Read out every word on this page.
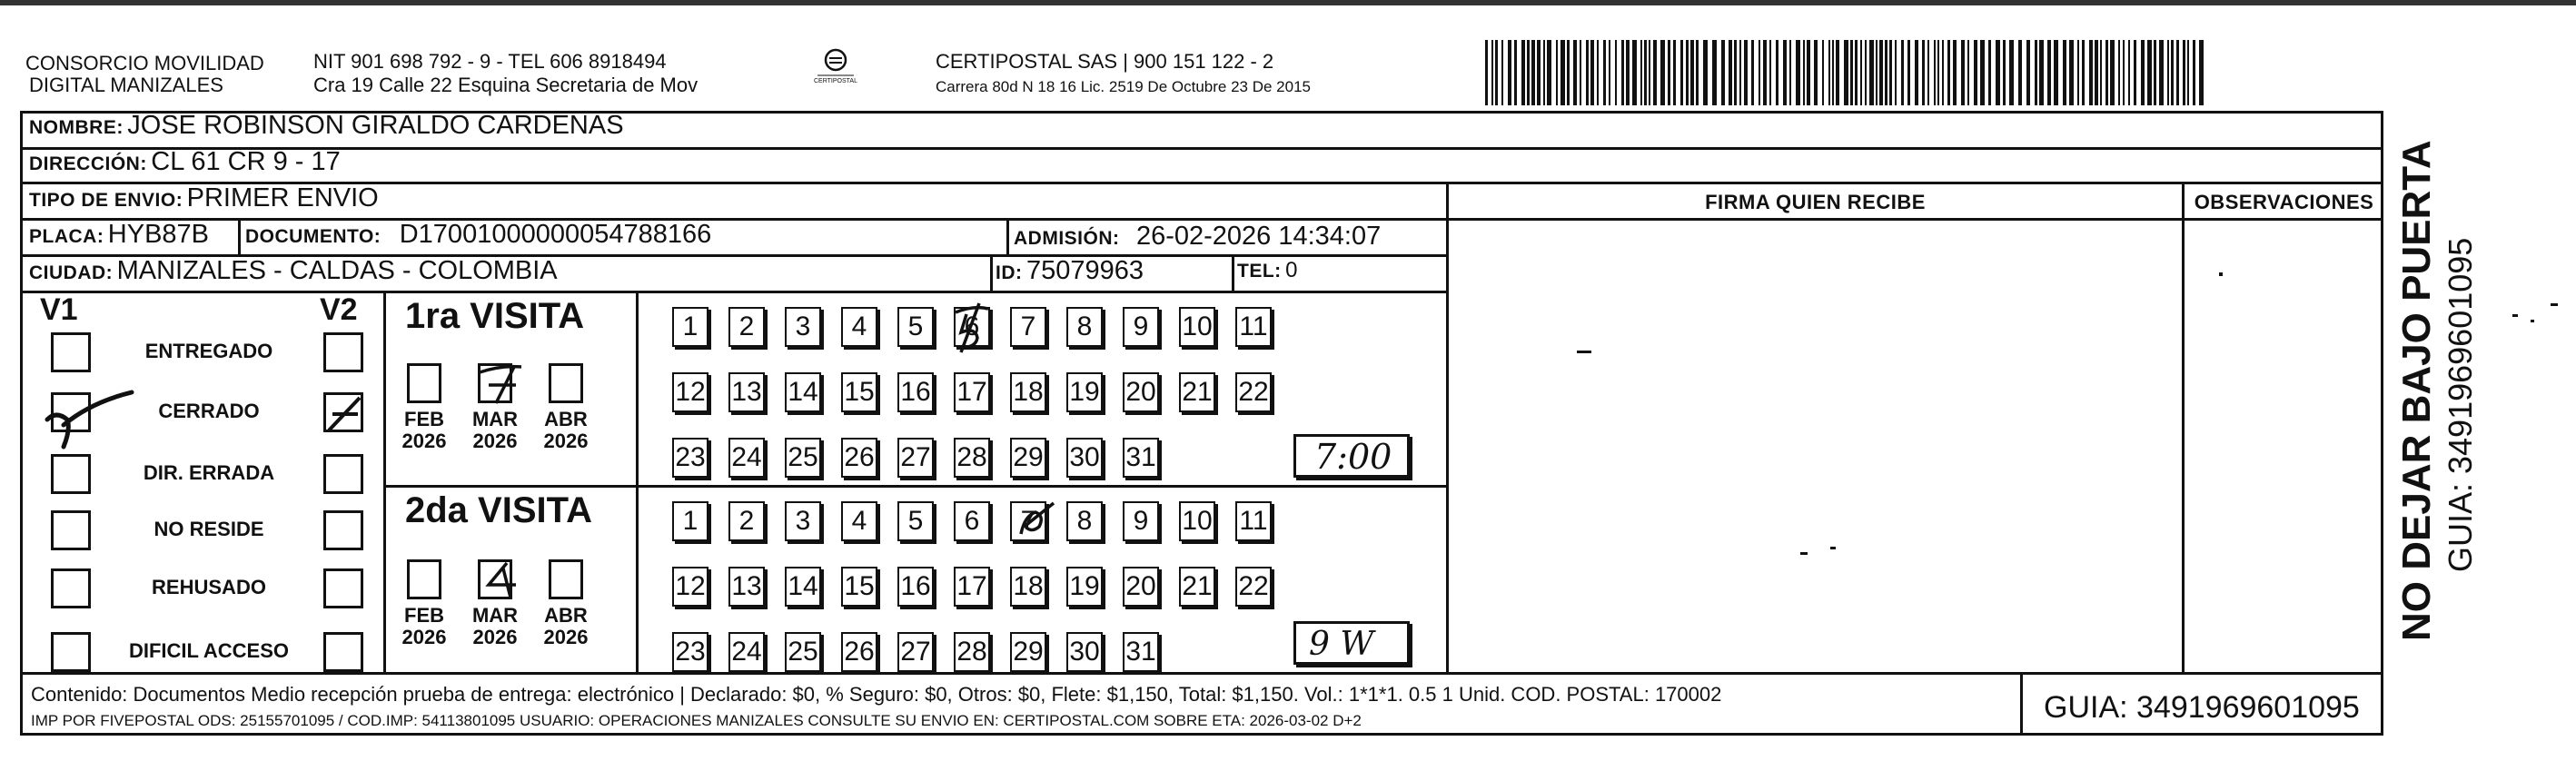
CONSORCIO MOVILIDAD
DIGITAL MANIZALES
NIT 901 698 792 - 9 - TEL 606 8918494
Cra 19 Calle 22 Esquina Secretaria de Mov	CERTIPOSTAL
CERTIPOSTAL SAS | 900 151 122 - 2
Carrera 80d N 18 16 Lic. 2519 De Octubre 23 De 2015
NOMBRE: JOSE ROBINSON GIRALDO CARDENAS
DIRECCIÓN: CL 61 CR 9 - 17
TIPO DE ENVIO: PRIMER ENVIO
PLACA: HYB87B DOCUMENTO: D17001000000054788166	ADMISIÓN: 26-02-2026 14:34:07
CIUDAD: MANIZALES - CALDAS - COLOMBIA	ID: 75079963	TEL: 0
FIRMA QUIEN RECIBE	OBSERVACIONES
V1	V2
ENTREGADO
CERRADO
DIR. ERRADA
NO RESIDE
REHUSADO
DIFICIL ACCESO
1ra VISITA
2da VISITA
FEB
2026
MAR
2026
ABR
2026
FEB
2026
MAR
2026
ABR
2026
1	2	3	4	5	6	7	8	9	10 11
12 13 14 15 16 17 18 19 20 21 22
23 24 25 26 27 28 29 30 31
1	2	3	4	5	6	7	8	9	10 11
12 13 14 15 16 17 18 19 20 21 22
23 24 25 26 27 28 29 30 31
7:00
9 W
Contenido: Documentos Medio recepción prueba de entrega: electrónico | Declarado: $0, % Seguro: $0, Otros: $0, Flete: $1,150, Total: $1,150. Vol.: 1*1*1. 0.5 1 Unid. COD. POSTAL: 170002
IMP POR FIVEPOSTAL ODS: 25155701095 / COD.IMP: 54113801095 USUARIO: OPERACIONES MANIZALES CONSULTE SU ENVIO EN: CERTIPOSTAL.COM SOBRE ETA: 2026-03-02 D+2	GUIA: 3491969601095
NO DEJAR BAJO PUERTA GUIA: 3491969601095
